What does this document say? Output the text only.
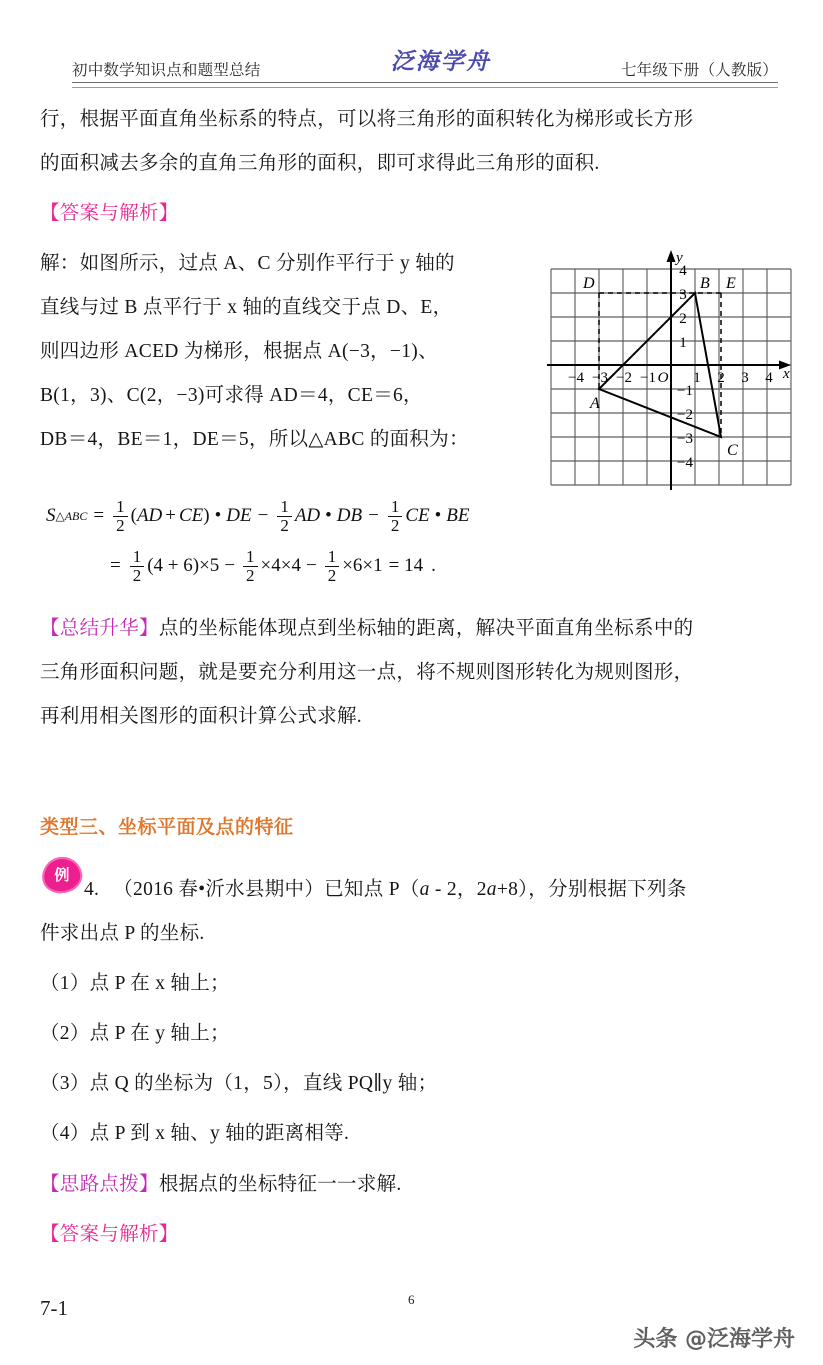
初中数学知识点和题型总结	泛海学舟	七年级下册（人教版）
行，根据平面直角坐标系的特点，可以将三角形的面积转化为梯形或长方形
的面积减去多余的直角三角形的面积，即可求得此三角形的面积.
【答案与解析】
解：如图所示，过点 A、C 分别作平行于 y 轴的
直线与过 B 点平行于 x 轴的直线交于点 D、E，
则四边形 ACED 为梯形，根据点 A(−3，−1)、
B(1，3)、C(2，−3)可求得 AD＝4，CE＝6，
DB＝4，BE＝1，DE＝5，所以△ABC 的面积为：
x
y
−4 −3 −2 −1 O 1 2 3 4
4
3
2
1
−1
−2
−3
−4
D	B E
A
C
S △ABC = $\frac{1}{2}$ ( AD + CE ) • DE − $\frac{1}{2}$ AD • DB − $\frac{1}{2}$ CE • BE
= $\frac{1}{2} (4 + 6)\times 5 - \frac{1}{2} \times 4\times 4 - \frac{1}{2} \times 6\times 1 = 14$ .
【总结升华】点的坐标能体现点到坐标轴的距离，解决平面直角坐标系中的
三角形面积问题，就是要充分利用这一点，将不规则图形转化为规则图形，
再利用相关图形的面积计算公式求解.
类型三、坐标平面及点的特征
例
4. （2016 春•沂水县期中）已知点 P（a - 2，2a+8），分别根据下列条
件求出点 P 的坐标.
（1）点 P 在 x 轴上；
（2）点 P 在 y 轴上；
（3）点 Q 的坐标为（1，5），直线 PQ∥y 轴；
（4）点 P 到 x 轴、y 轴的距离相等.
【思路点拨】根据点的坐标特征一一求解.
【答案与解析】
7-1	6
头条 @泛海学舟
